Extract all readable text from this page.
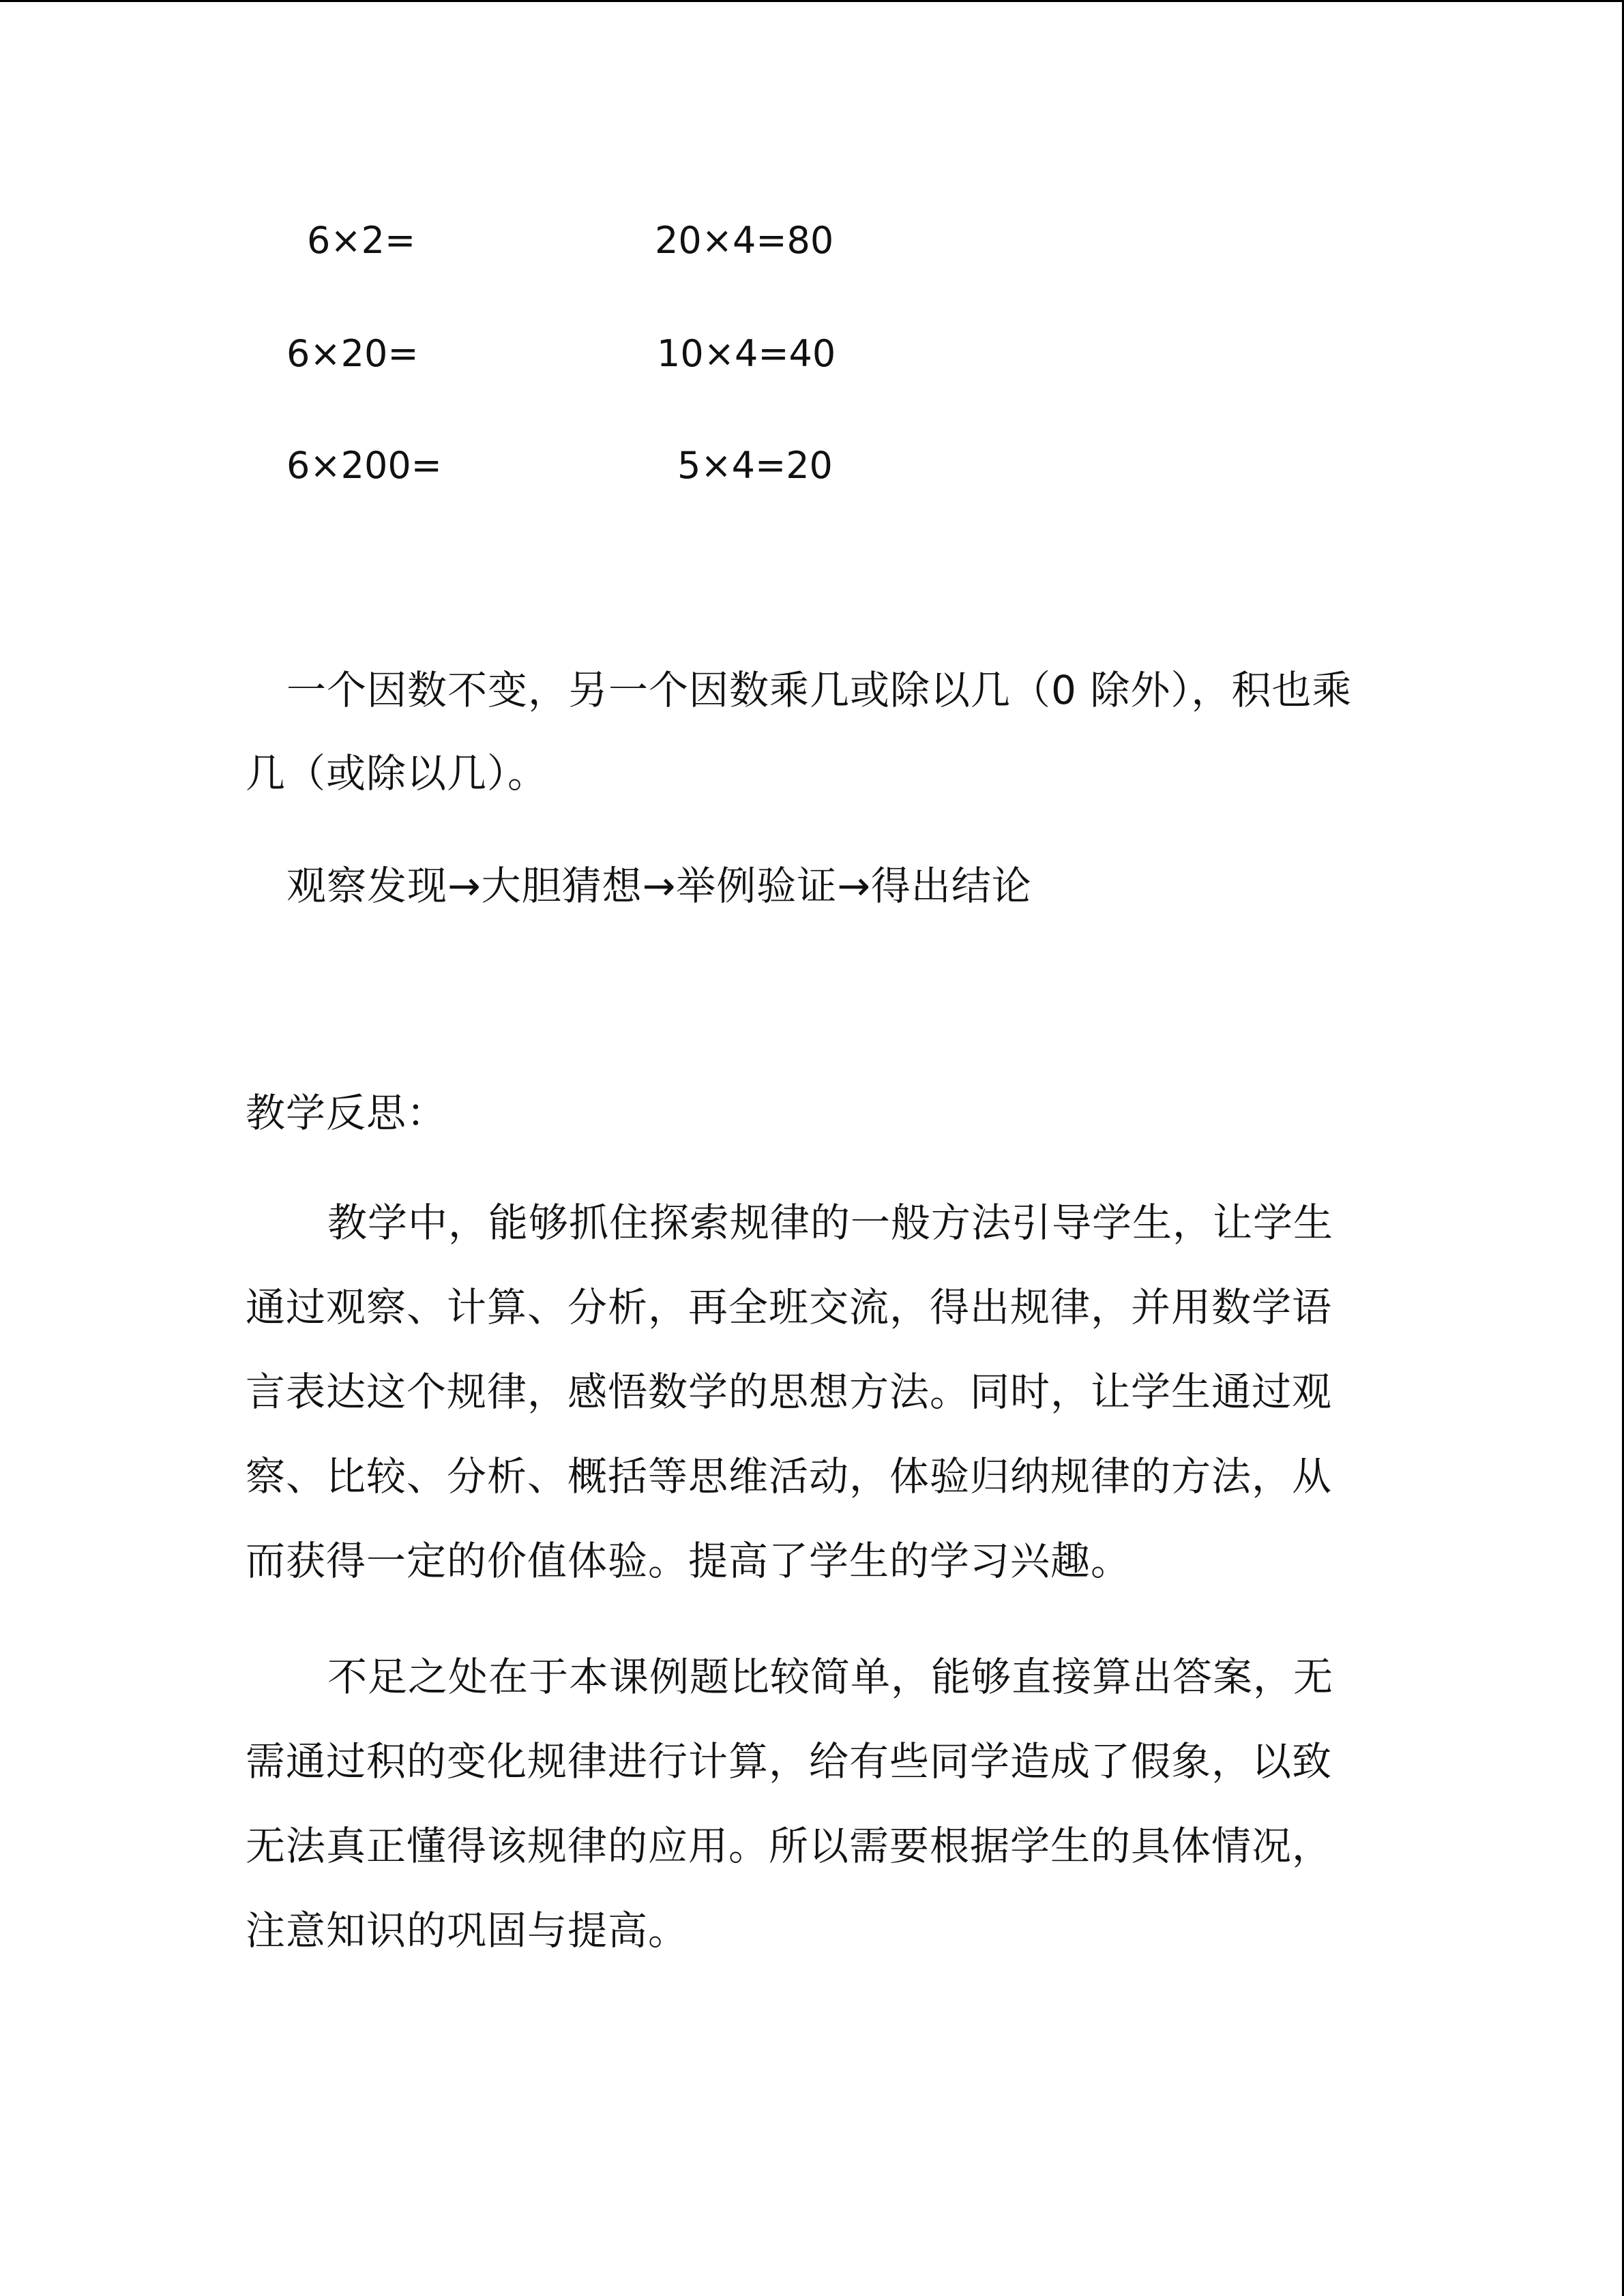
6×2=	20×4=80
6×20=	10×4=40
6×200=	5×4=20
一个因数不变，另一个因数乘几或除以几（0 除外），积也乘
几（或除以几）。
观察发现→大胆猜想→举例验证→得出结论
教学反思：
教学中，能够抓住探索规律的一般方法引导学生，让学生
通过观察、计算、分析，再全班交流，得出规律，并用数学语
言表达这个规律，感悟数学的思想方法。同时，让学生通过观
察、比较、分析、概括等思维活动，体验归纳规律的方法，从
而获得一定的价值体验。提高了学生的学习兴趣。
不足之处在于本课例题比较简单，能够直接算出答案，无
需通过积的变化规律进行计算，给有些同学造成了假象，以致
无法真正懂得该规律的应用。所以需要根据学生的具体情况，
注意知识的巩固与提高。
